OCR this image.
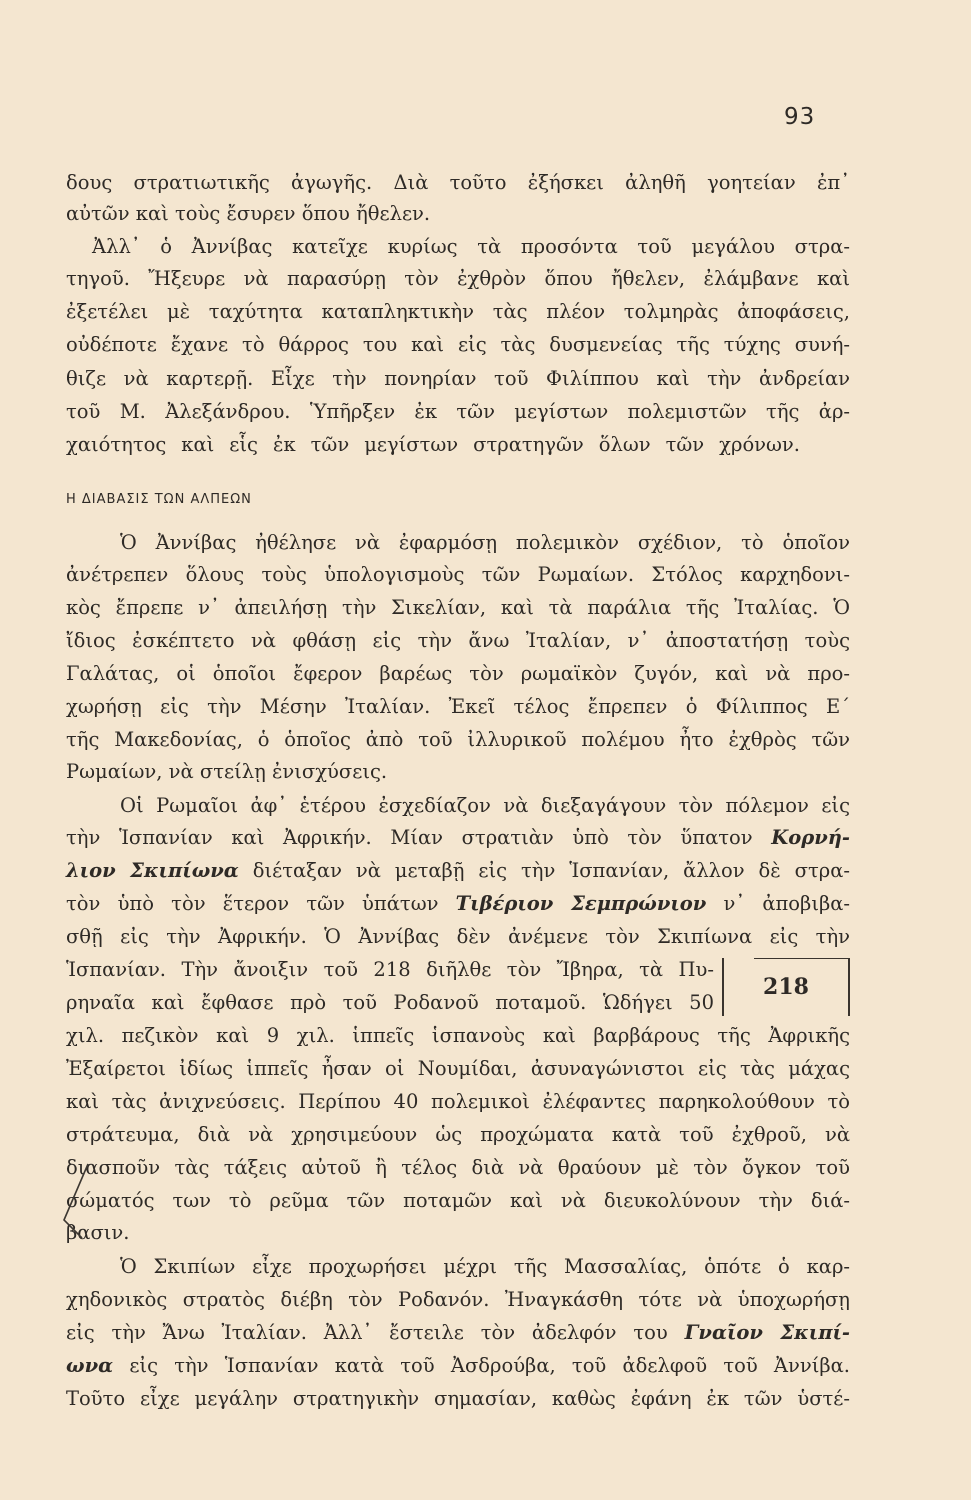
93
δους στρατιωτικῆς ἀγωγῆς. Διὰ τοῦτο ἐξήσκει ἀληθῆ γοητείαν ἐπ᾽
αὐτῶν καὶ τοὺς ἔσυρεν ὅπου ἤθελεν.
Ἀλλ᾽ ὁ Ἀννίβας κατεῖχε κυρίως τὰ προσόντα τοῦ μεγάλου στρα-
τηγοῦ. Ἤξευρε νὰ παρασύρῃ τὸν ἐχθρὸν ὅπου ἤθελεν, ἐλάμβανε καὶ
ἐξετέλει μὲ ταχύτητα καταπληκτικὴν τὰς πλέον τολμηρὰς ἀποφάσεις,
οὐδέποτε ἔχανε τὸ θάρρος του καὶ εἰς τὰς δυσμενείας τῆς τύχης συνή-
θιζε νὰ καρτερῇ. Εἶχε τὴν πονηρίαν τοῦ Φιλίππου καὶ τὴν ἀνδρείαν
τοῦ Μ. Ἀλεξάνδρου. Ὑπῆρξεν ἐκ τῶν μεγίστων πολεμιστῶν τῆς ἀρ-
χαιότητος καὶ εἷς ἐκ τῶν μεγίστων στρατηγῶν ὅλων τῶν χρόνων.
Η ΔΙΑΒΑΣΙΣ ΤΩΝ ΑΛΠΕΩΝ
Ὁ Ἀννίβας ἠθέλησε νὰ ἐφαρμόσῃ πολεμικὸν σχέδιον, τὸ ὁποῖον
ἀνέτρεπεν ὅλους τοὺς ὑπολογισμοὺς τῶν Ρωμαίων. Στόλος καρχηδονι-
κὸς ἔπρεπε ν᾽ ἀπειλήσῃ τὴν Σικελίαν, καὶ τὰ παράλια τῆς Ἰταλίας. Ὁ
ἴδιος ἐσκέπτετο νὰ φθάσῃ εἰς τὴν ἄνω Ἰταλίαν, ν᾽ ἀποστατήσῃ τοὺς
Γαλάτας, οἱ ὁποῖοι ἔφερον βαρέως τὸν ρωμαϊκὸν ζυγόν, καὶ νὰ προ-
χωρήσῃ εἰς τὴν Μέσην Ἰταλίαν. Ἐκεῖ τέλος ἔπρεπεν ὁ Φίλιππος Ε΄
τῆς Μακεδονίας, ὁ ὁποῖος ἀπὸ τοῦ ἰλλυρικοῦ πολέμου ἦτο ἐχθρὸς τῶν
Ρωμαίων, νὰ στείλῃ ἐνισχύσεις.
Οἱ Ρωμαῖοι ἀφ᾽ ἑτέρου ἐσχεδίαζον νὰ διεξαγάγουν τὸν πόλεμον εἰς
τὴν Ἱσπανίαν καὶ Ἀφρικήν. Μίαν στρατιὰν ὑπὸ τὸν ὕπατον Κορνή-
λιον Σκιπίωνα διέταξαν νὰ μεταβῇ εἰς τὴν Ἱσπανίαν, ἄλλον δὲ στρα-
τὸν ὑπὸ τὸν ἕτερον τῶν ὑπάτων Τιβέριον Σεμπρώνιον ν᾽ ἀποβιβα-
σθῇ εἰς τὴν Ἀφρικήν. Ὁ Ἀννίβας δὲν ἀνέμενε τὸν Σκιπίωνα εἰς τὴν
Ἱσπανίαν. Τὴν ἄνοιξιν τοῦ 218 διῆλθε τὸν Ἴβηρα, τὰ Πυ-
ρηναῖα καὶ ἔφθασε πρὸ τοῦ Ροδανοῦ ποταμοῦ. Ὡδήγει 50
χιλ. πεζικὸν καὶ 9 χιλ. ἱππεῖς ἱσπανοὺς καὶ βαρβάρους τῆς Ἀφρικῆς
Ἐξαίρετοι ἰδίως ἱππεῖς ἦσαν οἱ Νουμίδαι, ἀσυναγώνιστοι εἰς τὰς μάχας
καὶ τὰς ἀνιχνεύσεις. Περίπου 40 πολεμικοὶ ἐλέφαντες παρηκολούθουν τὸ
στράτευμα, διὰ νὰ χρησιμεύουν ὡς προχώματα κατὰ τοῦ ἐχθροῦ, νὰ
διασποῦν τὰς τάξεις αὐτοῦ ἢ τέλος διὰ νὰ θραύουν μὲ τὸν ὄγκον τοῦ
σώματός των τὸ ρεῦμα τῶν ποταμῶν καὶ νὰ διευκολύνουν τὴν διά-
βασιν.
218
Ὁ Σκιπίων εἶχε προχωρήσει μέχρι τῆς Μασσαλίας, ὁπότε ὁ καρ-
χηδονικὸς στρατὸς διέβη τὸν Ροδανόν. Ἠναγκάσθη τότε νὰ ὑποχωρήσῃ
εἰς τὴν Ἄνω Ἰταλίαν. Ἀλλ᾽ ἔστειλε τὸν ἀδελφόν του Γναῖον Σκιπί-
ωνα εἰς τὴν Ἱσπανίαν κατὰ τοῦ Ἀσδρούβα, τοῦ ἀδελφοῦ τοῦ Ἀννίβα.
Τοῦτο εἶχε μεγάλην στρατηγικὴν σημασίαν, καθὼς ἐφάνη ἐκ τῶν ὑστέ-
